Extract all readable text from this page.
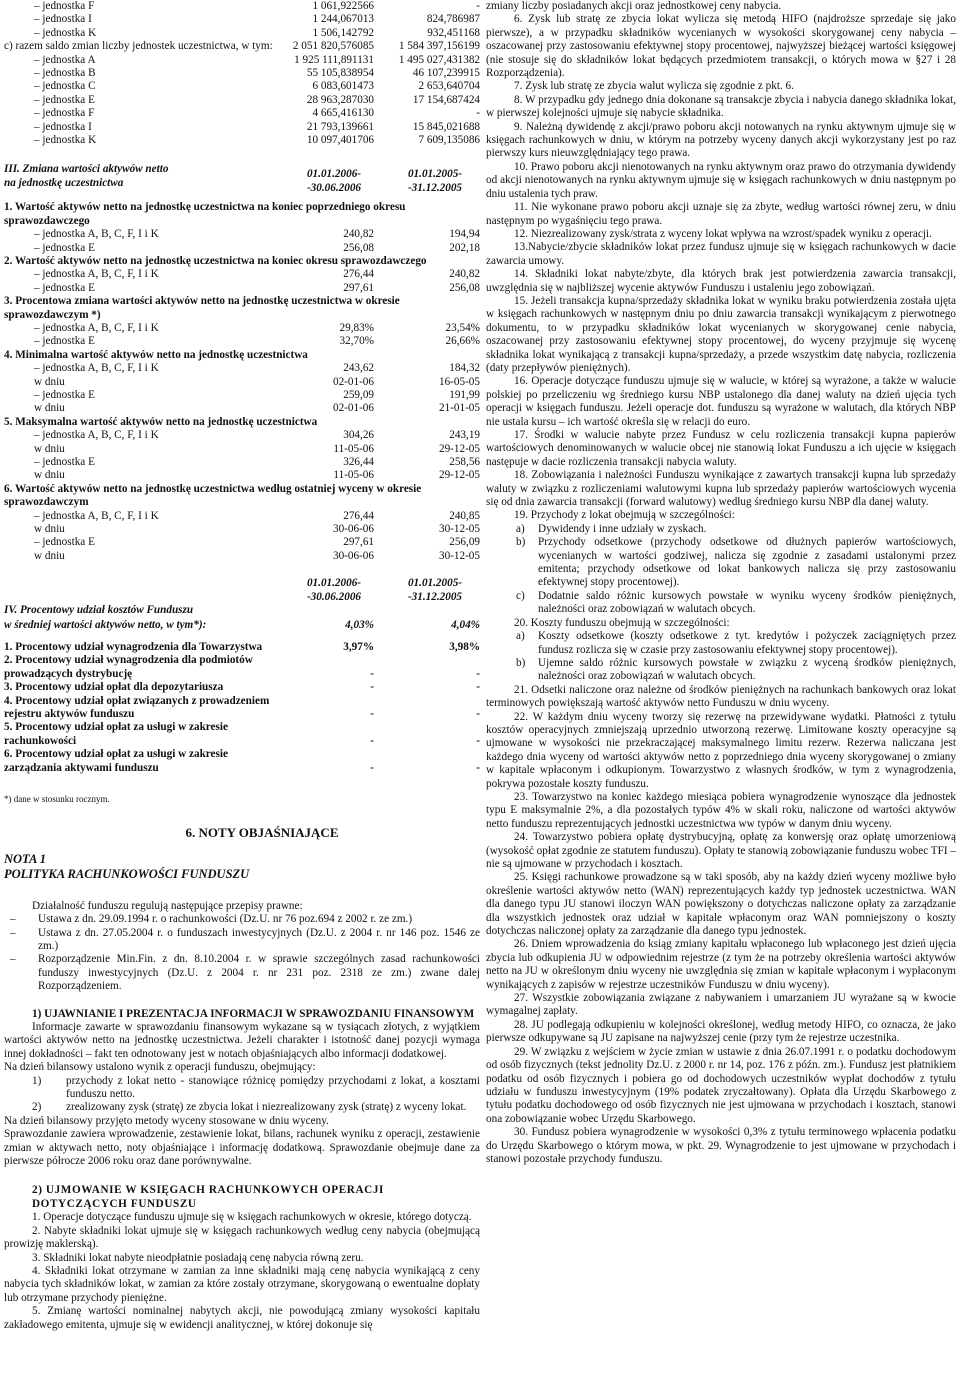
– jednostka F	1 061,922566	-
– jednostka I	1 244,067013	824,786987
– jednostka K	1 506,142792	932,451168
c) razem saldo zmian liczby jednostek uczestnictwa, w tym:	2 051 820,576085	1 584 397,156199
– jednostka A	1 925 111,891131	1 495 027,431382
– jednostka B	55 105,838954	46 107,239915
– jednostka C	6 083,601473	2 653,640704
– jednostka E	28 963,287030	17 154,687424
– jednostka F	4 665,416130	-
– jednostka I	21 793,139661	15 845,021688
– jednostka K	10 097,401706	7 609,135086
III. Zmiana wartości aktywów netto
na jednostkę uczestnictwa
01.01.2006-
-30.06.2006
01.01.2005-
-31.12.2005
1. Wartość aktywów netto na jednostkę uczestnictwa na koniec poprzedniego okresu sprawozdawczego
– jednostka A, B, C, F, I i K	240,82	194,94
– jednostka E	256,08	202,18
2. Wartość aktywów netto na jednostkę uczestnictwa na koniec okresu sprawozdawczego
– jednostka A, B, C, F, I i K	276,44	240,82
– jednostka E	297,61	256,08
3. Procentowa zmiana wartości aktywów netto na jednostkę uczestnictwa w okresie sprawozdawczym *)
– jednostka A, B, C, F, I i K	29,83%	23,54%
– jednostka E	32,70%	26,66%
4. Minimalna wartość aktywów netto na jednostkę uczestnictwa
– jednostka A, B, C, F, I i K	243,62	184,32
w dniu	02-01-06	16-05-05
– jednostka E	259,09	191,99
w dniu	02-01-06	21-01-05
5. Maksymalna wartość aktywów netto na jednostkę uczestnictwa
– jednostka A, B, C, F, I i K	304,26	243,19
w dniu	11-05-06	29-12-05
– jednostka E	326,44	258,56
w dniu	11-05-06	29-12-05
6. Wartość aktywów netto na jednostkę uczestnictwa według ostatniej wyceny w okresie sprawozdawczym
– jednostka A, B, C, F, I i K	276,44	240,85
w dniu	30-06-06	30-12-05
– jednostka E	297,61	256,09
w dniu	30-06-06	30-12-05
01.01.2006-
-30.06.2006
01.01.2005-
-31.12.2005
IV. Procentowy udział kosztów Funduszu
w średniej wartości aktywów netto, w tym*):	4,03%	4,04%
1. Procentowy udział wynagrodzenia dla Towarzystwa	3,97%	3,98%
2. Procentowy udział wynagrodzenia dla podmiotów prowadzących dystrybucję	-	-
3. Procentowy udział opłat dla depozytariusza	-	-
4. Procentowy udział opłat związanych z prowadzeniem rejestru aktywów funduszu	-	-
5. Procentowy udział opłat za usługi w zakresie rachunkowości	-	-
6. Procentowy udział opłat za usługi w zakresie zarządzania aktywami funduszu	-	-
*) dane w stosunku rocznym.
6. NOTY OBJAŚNIAJĄCE
NOTA 1
POLITYKA RACHUNKOWOŚCI FUNDUSZU
Działalność funduszu regulują następujące przepisy prawne:
–	Ustawa z dn. 29.09.1994 r. o rachunkowości (Dz.U. nr 76 poz.694 z 2002 r. ze zm.)
–	Ustawa z dn. 27.05.2004 r. o funduszach inwestycyjnych (Dz.U. z 2004 r. nr 146 poz. 1546 ze zm.)
–	Rozporządzenie Min.Fin. z dn. 8.10.2004 r. w sprawie szczególnych zasad rachunkowości funduszy inwestycyjnych (Dz.U. z 2004 r. nr 231 poz. 2318 ze zm.) zwane dalej Rozporządzeniem.
1) UJAWNIANIE I PREZENTACJA INFORMACJI W SPRAWOZDANIU FINANSOWYM
Informacje zawarte w sprawozdaniu finansowym wykazane są w tysiącach złotych, z wyjątkiem wartości aktywów netto na jednostkę uczestnictwa. Jeżeli charakter i istotność danej pozycji wymaga innej dokładności – fakt ten odnotowany jest w notach objaśniających albo informacji dodatkowej.
Na dzień bilansowy ustalono wynik z operacji funduszu, obejmujący:
1)	przychody z lokat netto - stanowiące różnicę pomiędzy przychodami z lokat, a kosztami funduszu netto.
2)	zrealizowany zysk (stratę) ze zbycia lokat i niezrealizowany zysk (stratę) z wyceny lokat.
Na dzień bilansowy przyjęto metody wyceny stosowane w dniu wyceny.
Sprawozdanie zawiera wprowadzenie, zestawienie lokat, bilans, rachunek wyniku z operacji, zestawienie zmian w aktywach netto, noty objaśniające i informację dodatkową. Sprawozdanie obejmuje dane za pierwsze półrocze 2006 roku oraz dane porównywalne.
2) UJMOWANIE W KSIĘGACH RACHUNKOWYCH OPERACJI DOTYCZĄCYCH FUNDUSZU
1. Operacje dotyczące funduszu ujmuje się w księgach rachunkowych w okresie, którego dotyczą.
2. Nabyte składniki lokat ujmuje się w księgach rachunkowych według ceny nabycia (obejmującą prowizję maklerską).
3. Składniki lokat nabyte nieodpłatnie posiadają cenę nabycia równą zeru.
4. Składniki lokat otrzymane w zamian za inne składniki mają cenę nabycia wynikającą z ceny nabycia tych składników lokat, w zamian za które zostały otrzymane, skorygowaną o ewentualne dopłaty lub otrzymane przychody pieniężne.
5. Zmianę wartości nominalnej nabytych akcji, nie powodującą zmiany wysokości kapitału zakładowego emitenta, ujmuje się w ewidencji analitycznej, w której dokonuje się
zmiany liczby posiadanych akcji oraz jednostkowej ceny nabycia.
6. Zysk lub stratę ze zbycia lokat wylicza się metodą HIFO (najdroższe sprzedaje się jako pierwsze), a w przypadku składników wycenianych w wysokości skorygowanej ceny nabycia – oszacowanej przy zastosowaniu efektywnej stopy procentowej, najwyższej bieżącej wartości księgowej (nie stosuje się do składników lokat będących przedmiotem transakcji, o których mowa w §27 i 28 Rozporządzenia).
7. Zysk lub stratę ze zbycia walut wylicza się zgodnie z pkt. 6.
8. W przypadku gdy jednego dnia dokonane są transakcje zbycia i nabycia danego składnika lokat, w pierwszej kolejności ujmuje się nabycie składnika.
9. Należną dywidendę z akcji/prawo poboru akcji notowanych na rynku aktywnym ujmuje się w księgach rachunkowych w dniu, w którym na potrzeby wyceny danych akcji wykorzystany jest po raz pierwszy kurs nieuwzględniający tego prawa.
10. Prawo poboru akcji nienotowanych na rynku aktywnym oraz prawo do otrzymania dywidendy od akcji nienotowanych na rynku aktywnym ujmuje się w księgach rachunkowych w dniu następnym po dniu ustalenia tych praw.
11. Nie wykonane prawo poboru akcji uznaje się za zbyte, według wartości równej zeru, w dniu następnym po wygaśnięciu tego prawa.
12. Niezrealizowany zysk/strata z wyceny lokat wpływa na wzrost/spadek wyniku z operacji.
13.Nabycie/zbycie składników lokat przez fundusz ujmuje się w księgach rachunkowych w dacie zawarcia umowy.
14. Składniki lokat nabyte/zbyte, dla których brak jest potwierdzenia zawarcia transakcji, uwzględnia się w najbliższej wycenie aktywów Funduszu i ustaleniu jego zobowiązań.
15. Jeżeli transakcja kupna/sprzedaży składnika lokat w wyniku braku potwierdzenia została ujęta w księgach rachunkowych w następnym dniu po dniu zawarcia transakcji wynikającym z pierwotnego dokumentu, to w przypadku składników lokat wycenianych w skorygowanej cenie nabycia, oszacowanej przy zastosowaniu efektywnej stopy procentowej, do wyceny przyjmuje się wycenę składnika lokat wynikającą z transakcji kupna/sprzedaży, a przede wszystkim datę nabycia, rozliczenia (daty przepływów pieniężnych).
16. Operacje dotyczące funduszu ujmuje się w walucie, w której są wyrażone, a także w walucie polskiej po przeliczeniu wg średniego kursu NBP ustalonego dla danej waluty na dzień ujęcia tych operacji w księgach funduszu. Jeżeli operacje dot. funduszu są wyrażone w walutach, dla których NBP nie ustala kursu – ich wartość określa się w relacji do euro.
17. Środki w walucie nabyte przez Fundusz w celu rozliczenia transakcji kupna papierów wartościowych denominowanych w walucie obcej nie stanowią lokat Funduszu a ich ujęcie w księgach następuje w dacie rozliczenia transakcji nabycia waluty.
18. Zobowiązania i należności Funduszu wynikające z zawartych transakcji kupna lub sprzedaży waluty w związku z rozliczeniami walutowymi kupna lub sprzedaży papierów wartościowych wycenia się od dnia zawarcia transakcji (forward walutowy) według średniego kursu NBP dla danej waluty.
19. Przychody z lokat obejmują w szczególności:
a)	Dywidendy i inne udziały w zyskach.
b)	Przychody odsetkowe (przychody odsetkowe od dłużnych papierów wartościowych, wycenianych w wartości godziwej, nalicza się zgodnie z zasadami ustalonymi przez emitenta; przychody odsetkowe od lokat bankowych nalicza się przy zastosowaniu efektywnej stopy procentowej).
c)	Dodatnie saldo różnic kursowych powstałe w wyniku wyceny środków pieniężnych, należności oraz zobowiązań w walutach obcych.
20. Koszty funduszu obejmują w szczególności:
a)	Koszty odsetkowe (koszty odsetkowe z tyt. kredytów i pożyczek zaciągniętych przez fundusz rozlicza się w czasie przy zastosowaniu efektywnej stopy procentowej).
b)	Ujemne saldo różnic kursowych powstałe w związku z wyceną środków pieniężnych, należności oraz zobowiązań w walutach obcych.
21. Odsetki naliczone oraz należne od środków pieniężnych na rachunkach bankowych oraz lokat terminowych powiększają wartość aktywów netto Funduszu w dniu wyceny.
22. W każdym dniu wyceny tworzy się rezerwę na przewidywane wydatki. Płatności z tytułu kosztów operacyjnych zmniejszają uprzednio utworzoną rezerwę. Limitowane koszty operacyjne są ujmowane w wysokości nie przekraczającej maksymalnego limitu rezerw. Rezerwa naliczana jest każdego dnia wyceny od wartości aktywów netto z poprzedniego dnia wyceny skorygowanej o zmiany w kapitale wpłaconym i odkupionym. Towarzystwo z własnych środków, w tym z wynagrodzenia, pokrywa pozostałe koszty funduszu.
23. Towarzystwo na koniec każdego miesiąca pobiera wynagrodzenie wynoszące dla jednostek typu E maksymalnie 2%, a dla pozostałych typów 4% w skali roku, naliczone od wartości aktywów netto funduszu reprezentujących jednostki uczestnictwa ww typów w danym dniu wyceny.
24. Towarzystwo pobiera opłatę dystrybucyjną, opłatę za konwersję oraz opłatę umorzeniową (wysokość opłat zgodnie ze statutem funduszu). Opłaty te stanowią zobowiązanie funduszu wobec TFI – nie są ujmowane w przychodach i kosztach.
25. Księgi rachunkowe prowadzone są w taki sposób, aby na każdy dzień wyceny możliwe było określenie wartości aktywów netto (WAN) reprezentujących każdy typ jednostek uczestnictwa. WAN dla danego typu JU stanowi iloczyn WAN powiększony o dotychczas naliczone opłaty za zarządzanie dla wszystkich jednostek oraz udział w kapitale wpłaconym oraz WAN pomniejszony o koszty dotychczas naliczonej opłaty za zarządzanie dla danego typu jednostek.
26. Dniem wprowadzenia do ksiąg zmiany kapitału wpłaconego lub wpłaconego jest dzień ujęcia zbycia lub odkupienia JU w odpowiednim rejestrze (z tym że na potrzeby określenia wartości aktywów netto na JU w określonym dniu wyceny nie uwzględnia się zmian w kapitale wpłaconym i wypłaconym wynikających z zapisów w rejestrze uczestników Funduszu w dniu wyceny).
27. Wszystkie zobowiązania związane z nabywaniem i umarzaniem JU wyrażane są w kwocie wymagalnej zapłaty.
28. JU podlegają odkupieniu w kolejności określonej, według metody HIFO, co oznacza, że jako pierwsze odkupywane są JU zapisane na najwyższej cenie (przy tym że rejestrze uczestnika.
29. W związku z wejściem w życie zmian w ustawie z dnia 26.07.1991 r. o podatku dochodowym od osób fizycznych (tekst jednolity Dz.U. z 2000 r. nr 14, poz. 176 z późn. zm.). Fundusz jest płatnikiem podatku od osób fizycznych i pobiera go od dochodowych uczestników wypłat dochodów z tytułu udziału w funduszu inwestycyjnym (19% podatek zryczałtowany). Opłata dla Urzędu Skarbowego z tytułu podatku dochodowego od osób fizycznych nie jest ujmowana w przychodach i kosztach, stanowi ona zobowiązanie wobec Urzędu Skarbowego.
30. Fundusz pobiera wynagrodzenie w wysokości 0,3% z tytułu terminowego wpłacenia podatku do Urzędu Skarbowego o którym mowa, w pkt. 29. Wynagrodzenie to jest ujmowane w przychodach i stanowi pozostałe przychody funduszu.
